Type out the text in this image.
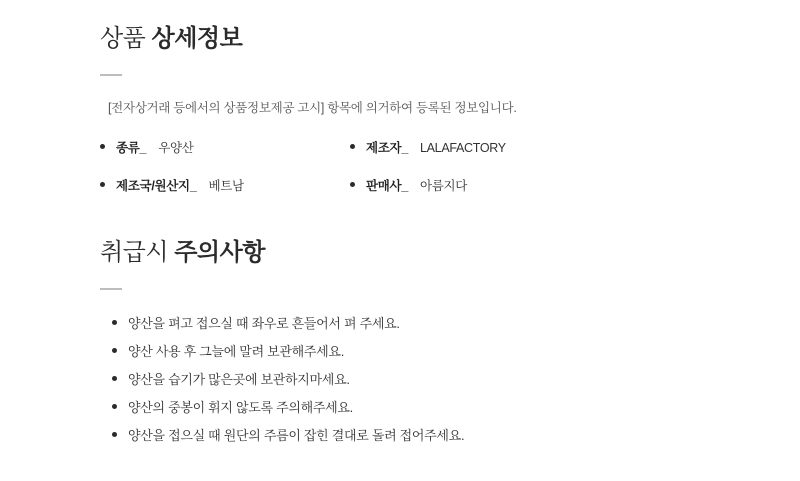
상품 상세정보
[전자상거래 등에서의 상품정보제공 고시] 항목에 의거하여 등록된 정보입니다.
종류_ 우양산	제조자_ LALAFACTORY
제조국/원산지_ 베트남	판매사_ 아름지다
취급시 주의사항
양산을 펴고 접으실 때 좌우로 흔들어서 펴 주세요.
양산 사용 후 그늘에 말려 보관해주세요.
양산을 습기가 많은곳에 보관하지마세요.
양산의 중봉이 휘지 않도록 주의해주세요.
양산을 접으실 때 원단의 주름이 잡힌 결대로 돌려 접어주세요.
